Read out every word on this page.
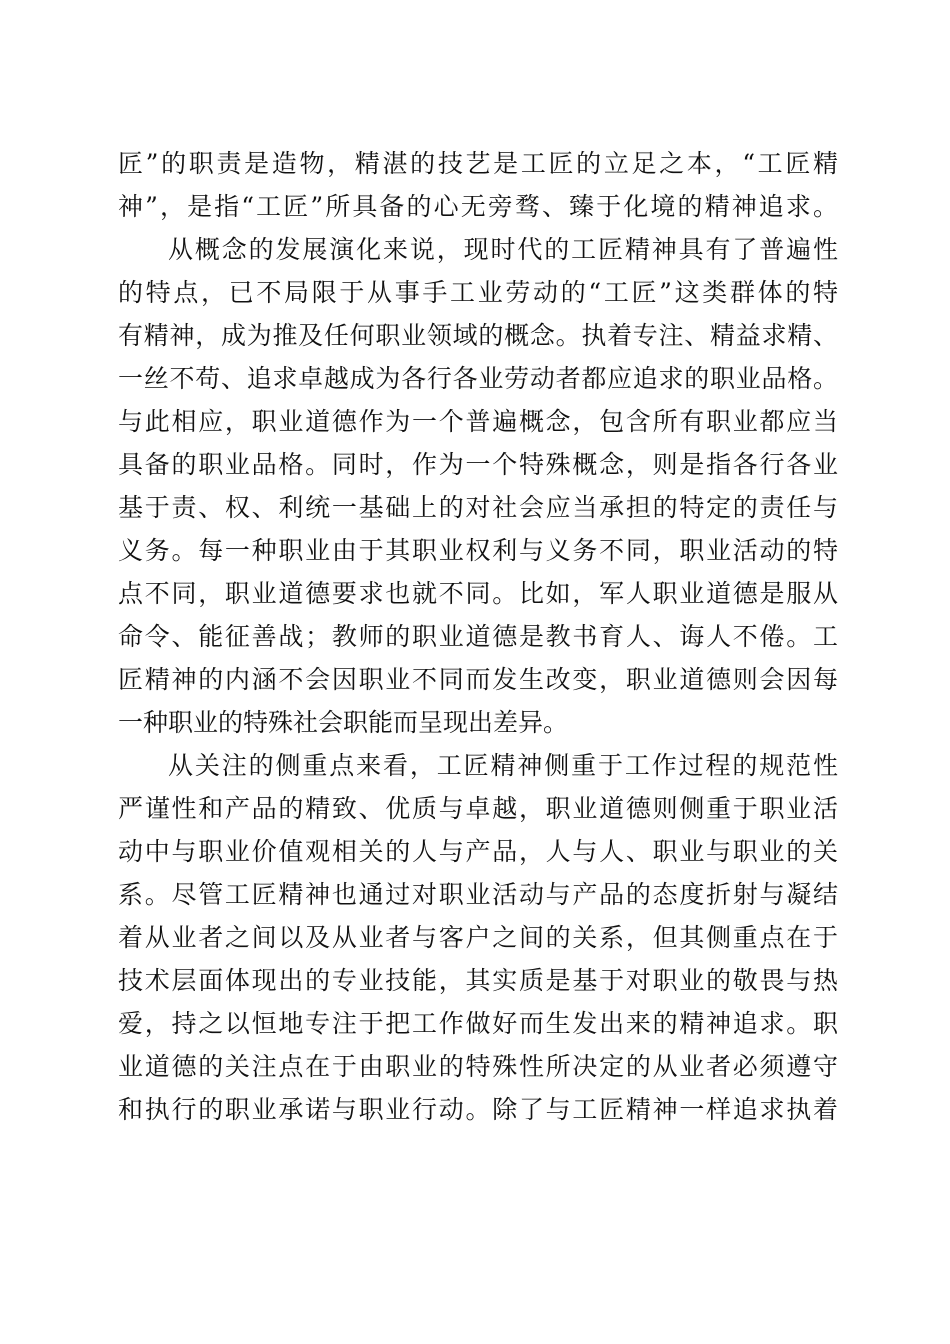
匠”的职责是造物，精湛的技艺是工匠的立足之本，“工匠精
神”，是指“工匠”所具备的心无旁骛、臻于化境的精神追求。
从概念的发展演化来说，现时代的工匠精神具有了普遍性
的特点，已不局限于从事手工业劳动的“工匠”这类群体的特
有精神，成为推及任何职业领域的概念。执着专注、精益求精、
一丝不苟、追求卓越成为各行各业劳动者都应追求的职业品格。
与此相应，职业道德作为一个普遍概念，包含所有职业都应当
具备的职业品格。同时，作为一个特殊概念，则是指各行各业
基于责、权、利统一基础上的对社会应当承担的特定的责任与
义务。每一种职业由于其职业权利与义务不同，职业活动的特
点不同，职业道德要求也就不同。比如，军人职业道德是服从
命令、能征善战；教师的职业道德是教书育人、诲人不倦。工
匠精神的内涵不会因职业不同而发生改变，职业道德则会因每
一种职业的特殊社会职能而呈现出差异。
从关注的侧重点来看，工匠精神侧重于工作过程的规范性
严谨性和产品的精致、优质与卓越，职业道德则侧重于职业活
动中与职业价值观相关的人与产品，人与人、职业与职业的关
系。尽管工匠精神也通过对职业活动与产品的态度折射与凝结
着从业者之间以及从业者与客户之间的关系，但其侧重点在于
技术层面体现出的专业技能，其实质是基于对职业的敬畏与热
爱，持之以恒地专注于把工作做好而生发出来的精神追求。职
业道德的关注点在于由职业的特殊性所决定的从业者必须遵守
和执行的职业承诺与职业行动。除了与工匠精神一样追求执着
